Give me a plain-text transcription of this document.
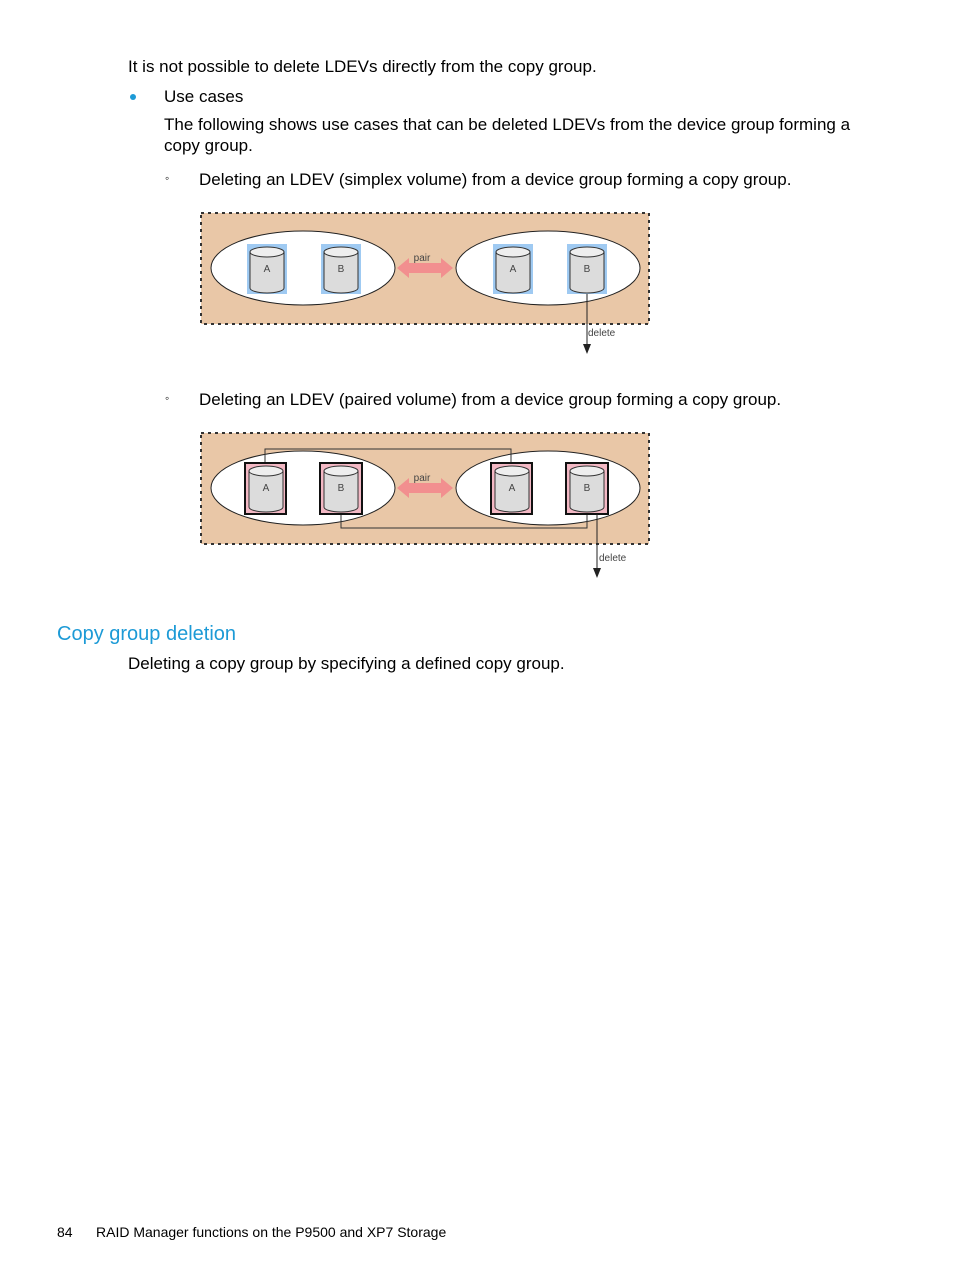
It is not possible to delete LDEVs directly from the copy group.
Use cases
The following shows use cases that can be deleted LDEVs from the device group forming a copy group.
◦ Deleting an LDEV (simplex volume) from a device group forming a copy group.
A	B	A	B
pair
delete
◦ Deleting an LDEV (paired volume) from a device group forming a copy group.
A	B	A	B
pair
delete
Copy group deletion
Deleting a copy group by specifying a defined copy group.
84 RAID Manager functions on the P9500 and XP7 Storage
